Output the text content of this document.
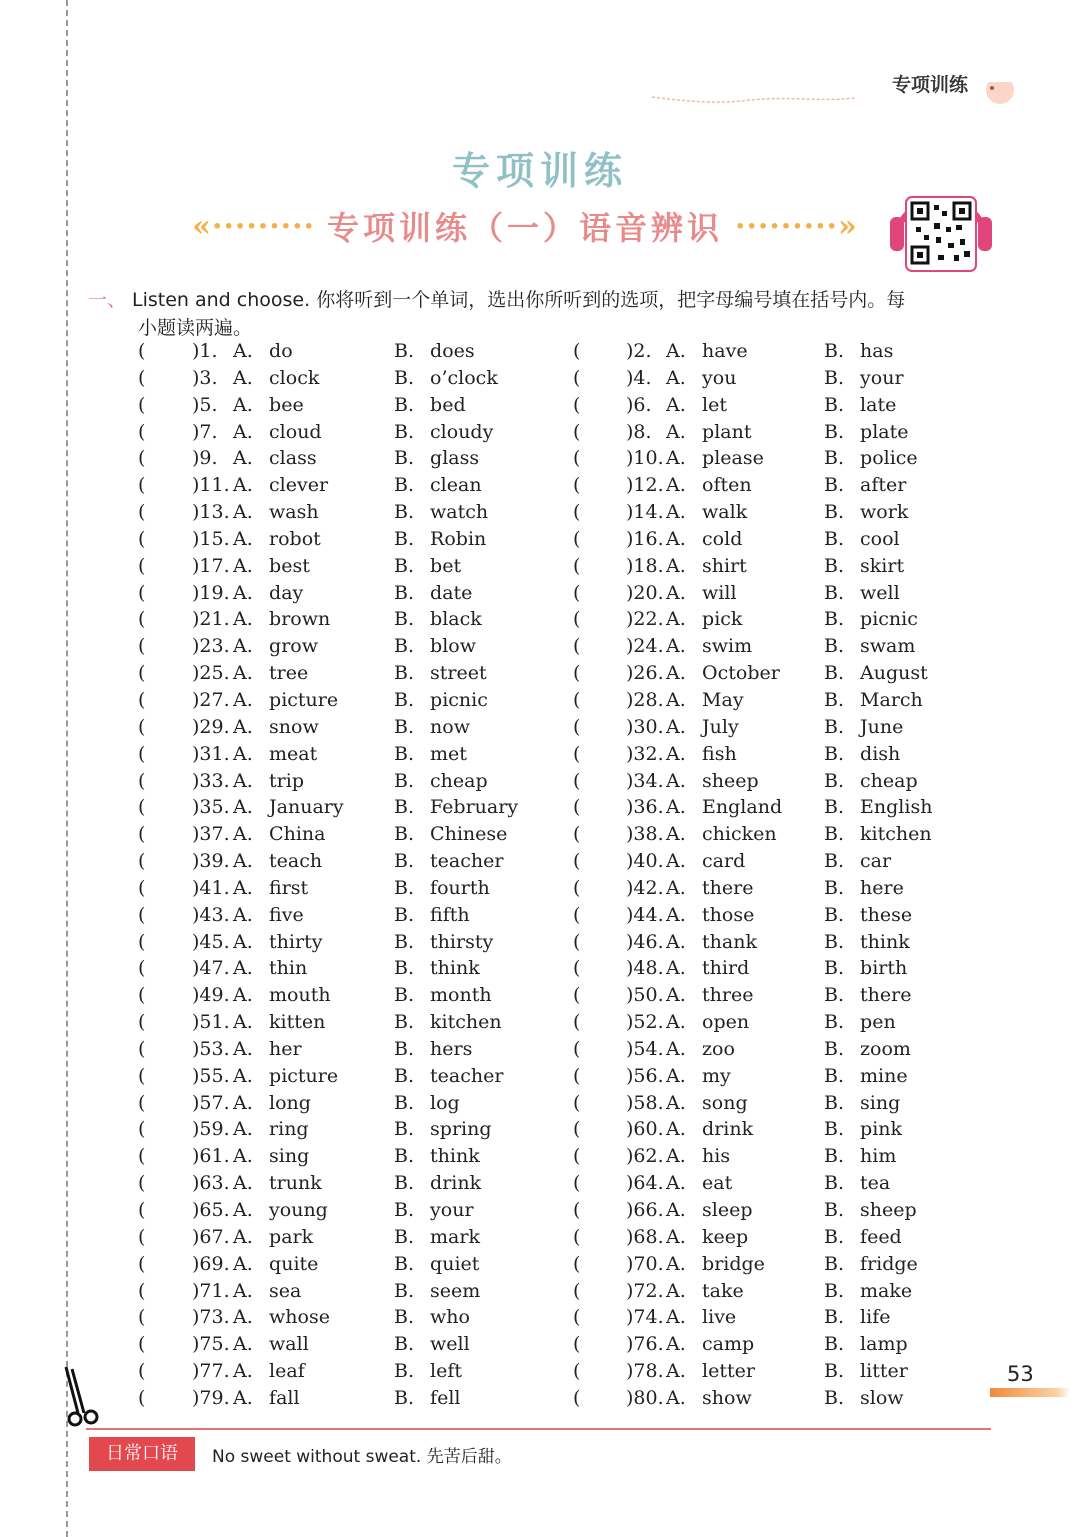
专项训练
专项训练
«········· 专项训练（一）语音辨识 ·········»
一、 Listen and choose. 你将听到一个单词，选出你所听到的选项，把字母编号填在括号内。每
小题读两遍。
( )1. A. do	B. does	( )2. A. have	B. has
( )3. A. clock	B. o’clock	( )4. A. you	B. your
( )5. A. bee	B. bed	( )6. A. let	B. late
( )7. A. cloud	B. cloudy	( )8. A. plant	B. plate
( )9. A. class	B. glass	( )10. A. please	B. police
( )11. A. clever	B. clean	( )12. A. often	B. after
( )13. A. wash	B. watch	( )14. A. walk	B. work
( )15. A. robot	B. Robin	( )16. A. cold	B. cool
( )17. A. best	B. bet	( )18. A. shirt	B. skirt
( )19. A. day	B. date	( )20. A. will	B. well
( )21. A. brown	B. black	( )22. A. pick	B. picnic
( )23. A. grow	B. blow	( )24. A. swim	B. swam
( )25. A. tree	B. street	( )26. A. October B. August
( )27. A. picture	B. picnic	( )28. A. May	B. March
( )29. A. snow	B. now	( )30. A. July	B. June
( )31. A. meat	B. met	( )32. A. fish	B. dish
( )33. A. trip	B. cheap	( )34. A. sheep	B. cheap
( )35. A. January	B. February	( )36. A. England B. English
( )37. A. China	B. Chinese	( )38. A. chicken B. kitchen
( )39. A. teach	B. teacher	( )40. A. card	B. car
( )41. A. first	B. fourth	( )42. A. there	B. here
( )43. A. five	B. fifth	( )44. A. those	B. these
( )45. A. thirty	B. thirsty	( )46. A. thank	B. think
( )47. A. thin	B. think	( )48. A. third	B. birth
( )49. A. mouth	B. month	( )50. A. three	B. there
( )51. A. kitten	B. kitchen	( )52. A. open	B. pen
( )53. A. her	B. hers	( )54. A. zoo	B. zoom
( )55. A. picture	B. teacher	( )56. A. my	B. mine
( )57. A. long	B. log	( )58. A. song	B. sing
( )59. A. ring	B. spring	( )60. A. drink	B. pink
( )61. A. sing	B. think	( )62. A. his	B. him
( )63. A. trunk	B. drink	( )64. A. eat	B. tea
( )65. A. young	B. your	( )66. A. sleep	B. sheep
( )67. A. park	B. mark	( )68. A. keep	B. feed
( )69. A. quite	B. quiet	( )70. A. bridge	B. fridge
( )71. A. sea	B. seem	( )72. A. take	B. make
( )73. A. whose	B. who	( )74. A. live	B. life
( )75. A. wall	B. well	( )76. A. camp	B. lamp
( )77. A. leaf	B. left	( )78. A. letter	B. litter
( )79. A. fall	B. fell	( )80. A. show	B. slow
53
日常口语	No sweet without sweat. 先苦后甜。
